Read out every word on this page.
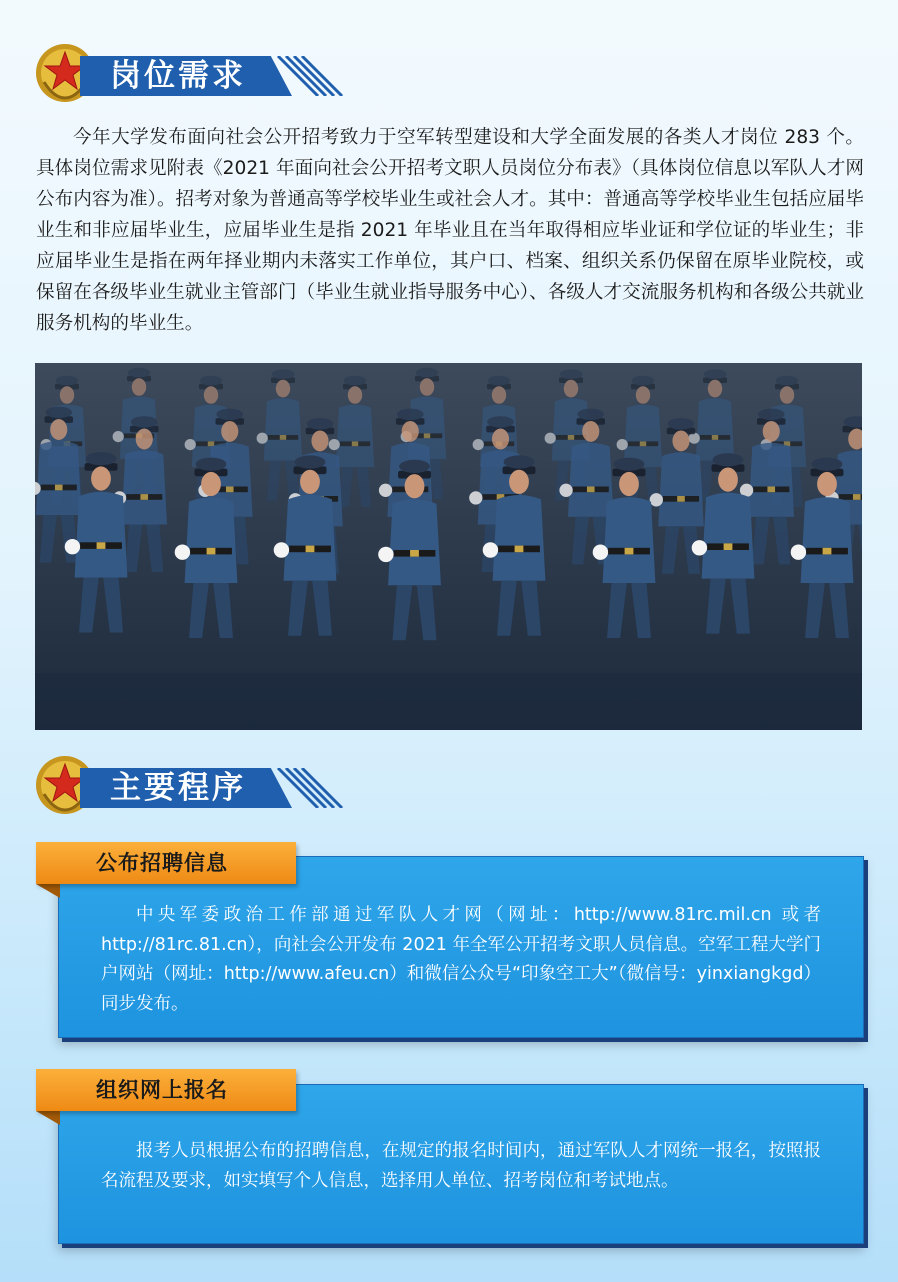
岗位需求

今年大学发布面向社会公开招考致力于空军转型建设和大学全面发展的各类人才岗位 283 个。具体岗位需求见附表《2021 年面向社会公开招考文职人员岗位分布表》（具体岗位信息以军队人才网公布内容为准）。招考对象为普通高等学校毕业生或社会人才。其中：普通高等学校毕业生包括应届毕业生和非应届毕业生，应届毕业生是指 2021 年毕业且在当年取得相应毕业证和学位证的毕业生；非应届毕业生是指在两年择业期内未落实工作单位，其户口、档案、组织关系仍保留在原毕业院校，或保留在各级毕业生就业主管部门（毕业生就业指导服务中心）、各级人才交流服务机构和各级公共就业服务机构的毕业生。

主要程序

中央军委政治工作部通过军队人才网（网址：http://www.81rc.mil.cn 或者 http://81rc.81.cn），向社会公开发布 2021 年全军公开招考文职人员信息。空军工程大学门户网站（网址：http://www.afeu.cn）和微信公众号“印象空工大”（微信号：yinxiangkgd）同步发布。

公布招聘信息

报考人员根据公布的招聘信息，在规定的报名时间内，通过军队人才网统一报名，按照报名流程及要求，如实填写个人信息，选择用人单位、招考岗位和考试地点。

组织网上报名
